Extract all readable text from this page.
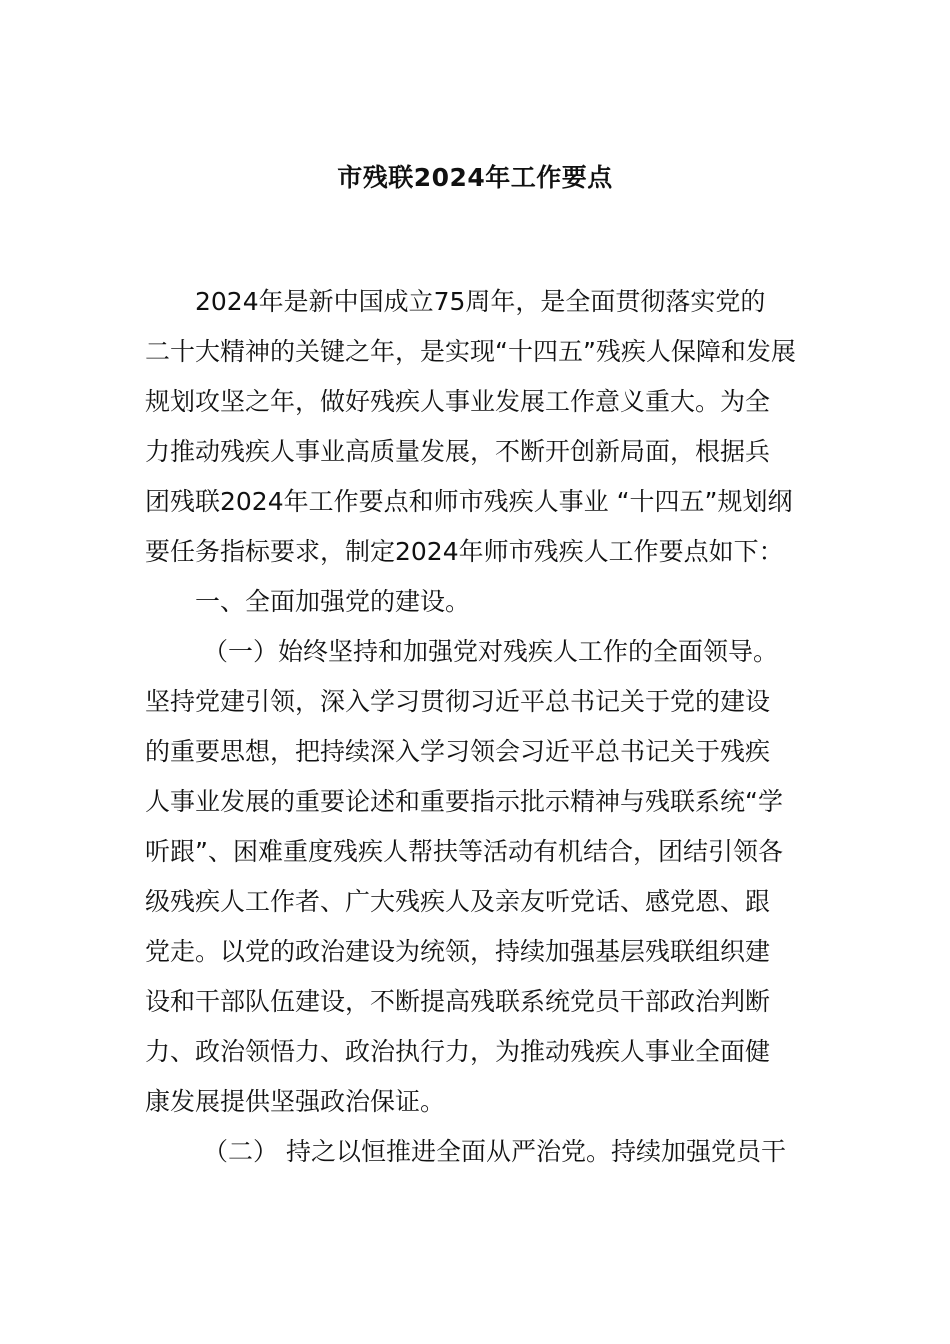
市残联2024年工作要点
2024年是新中国成立75周年，是全面贯彻落实党的
二十大精神的关键之年，是实现“十四五”残疾人保障和发展
规划攻坚之年，做好残疾人事业发展工作意义重大。为全
力推动残疾人事业高质量发展，不断开创新局面，根据兵
团残联2024年工作要点和师市残疾人事业 “十四五”规划纲
要任务指标要求，制定2024年师市残疾人工作要点如下：
一、全面加强党的建设。
（一）始终坚持和加强党对残疾人工作的全面领导。
坚持党建引领，深入学习贯彻习近平总书记关于党的建设
的重要思想，把持续深入学习领会习近平总书记关于残疾
人事业发展的重要论述和重要指示批示精神与残联系统“学
听跟”、困难重度残疾人帮扶等活动有机结合，团结引领各
级残疾人工作者、广大残疾人及亲友听党话、感党恩、跟
党走。以党的政治建设为统领，持续加强基层残联组织建
设和干部队伍建设，不断提高残联系统党员干部政治判断
力、政治领悟力、政治执行力，为推动残疾人事业全面健
康发展提供坚强政治保证。
（二） 持之以恒推进全面从严治党。持续加强党员干
